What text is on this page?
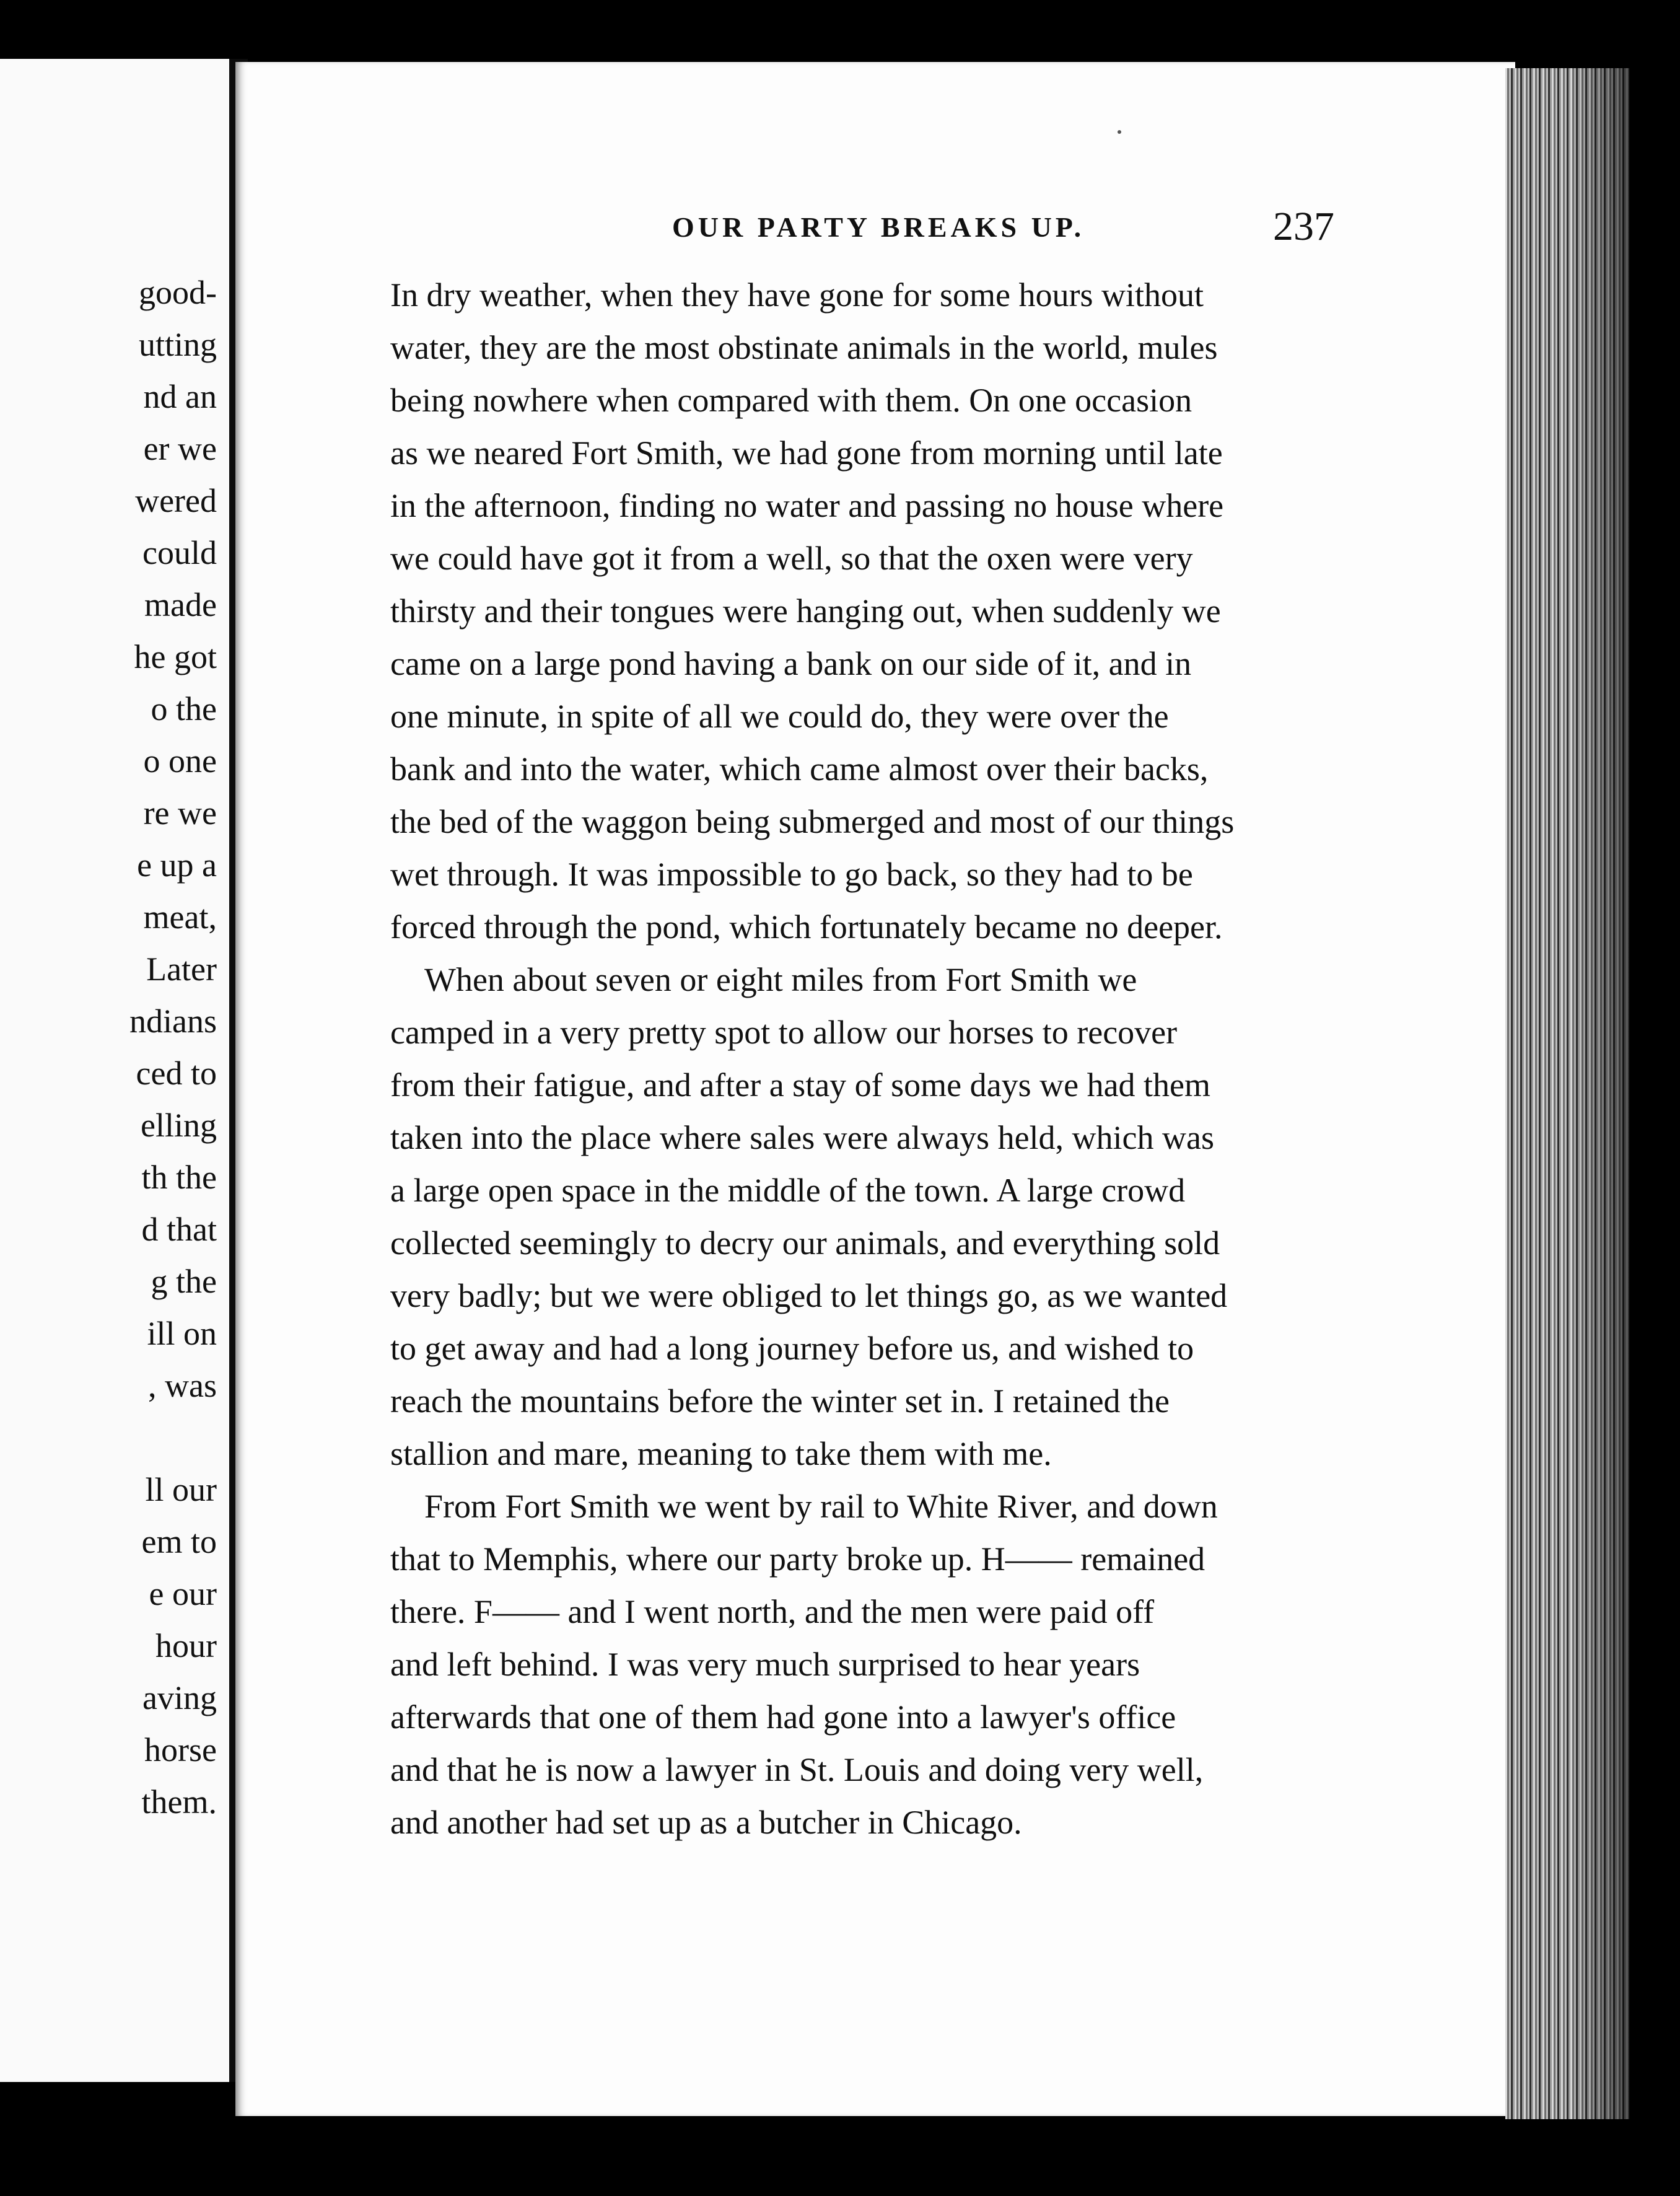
good-
utting
nd an
er we
wered
could
made
he got
o the
o one
re we
e up a
meat,
Later
ndians
ced to
elling
th the
d that
g the
ill on
, was
ll our
em to
e our
hour
aving
horse
them.
OUR PARTY BREAKS UP.	237
In dry weather, when they have gone for some hours without
water, they are the most obstinate animals in the world, mules
being nowhere when compared with them. On one occasion
as we neared Fort Smith, we had gone from morning until late
in the afternoon, finding no water and passing no house where
we could have got it from a well, so that the oxen were very
thirsty and their tongues were hanging out, when suddenly we
came on a large pond having a bank on our side of it, and in
one minute, in spite of all we could do, they were over the
bank and into the water, which came almost over their backs,
the bed of the waggon being submerged and most of our things
wet through. It was impossible to go back, so they had to be
forced through the pond, which fortunately became no deeper.
When about seven or eight miles from Fort Smith we
camped in a very pretty spot to allow our horses to recover
from their fatigue, and after a stay of some days we had them
taken into the place where sales were always held, which was
a large open space in the middle of the town. A large crowd
collected seemingly to decry our animals, and everything sold
very badly; but we were obliged to let things go, as we wanted
to get away and had a long journey before us, and wished to
reach the mountains before the winter set in. I retained the
stallion and mare, meaning to take them with me.
From Fort Smith we went by rail to White River, and down
that to Memphis, where our party broke up. H—— remained
there. F—— and I went north, and the men were paid off
and left behind. I was very much surprised to hear years
afterwards that one of them had gone into a lawyer's office
and that he is now a lawyer in St. Louis and doing very well,
and another had set up as a butcher in Chicago.
